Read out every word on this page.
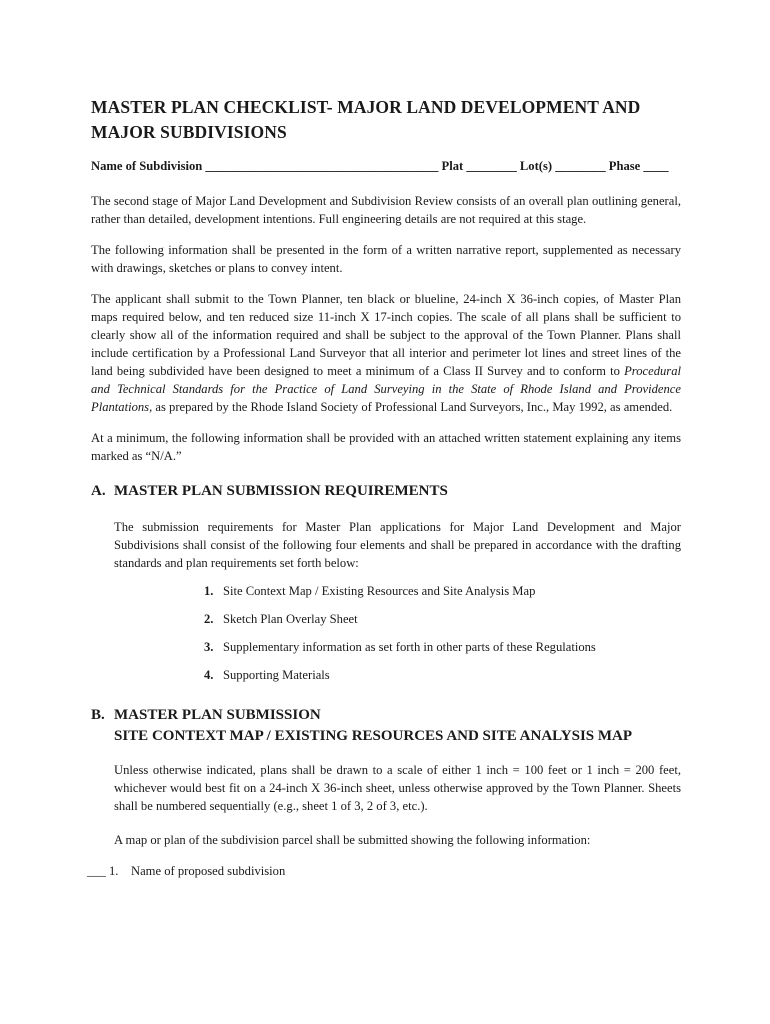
MASTER PLAN CHECKLIST- MAJOR LAND DEVELOPMENT AND MAJOR SUBDIVISIONS
Name of Subdivision _____________________________________ Plat ________ Lot(s) ________ Phase ____

The second stage of Major Land Development and Subdivision Review consists of an overall plan outlining general, rather than detailed, development intentions. Full engineering details are not required at this stage.

The following information shall be presented in the form of a written narrative report, supplemented as necessary with drawings, sketches or plans to convey intent.

The applicant shall submit to the Town Planner, ten black or blueline, 24-inch X 36-inch copies, of Master Plan maps required below, and ten reduced size 11-inch X 17-inch copies. The scale of all plans shall be sufficient to clearly show all of the information required and shall be subject to the approval of the Town Planner. Plans shall include certification by a Professional Land Surveyor that all interior and perimeter lot lines and street lines of the land being subdivided have been designed to meet a minimum of a Class II Survey and to conform to Procedural and Technical Standards for the Practice of Land Surveying in the State of Rhode Island and Providence Plantations, as prepared by the Rhode Island Society of Professional Land Surveyors, Inc., May 1992, as amended.

At a minimum, the following information shall be provided with an attached written statement explaining any items marked as “N/A.”

A. MASTER PLAN SUBMISSION REQUIREMENTS

The submission requirements for Master Plan applications for Major Land Development and Major Subdivisions shall consist of the following four elements and shall be prepared in accordance with the drafting standards and plan requirements set forth below:

1. Site Context Map / Existing Resources and Site Analysis Map
2. Sketch Plan Overlay Sheet
3. Supplementary information as set forth in other parts of these Regulations
4. Supporting Materials
B. MASTER PLAN SUBMISSION
SITE CONTEXT MAP / EXISTING RESOURCES AND SITE ANALYSIS MAP

Unless otherwise indicated, plans shall be drawn to a scale of either 1 inch = 100 feet or 1 inch = 200 feet, whichever would best fit on a 24-inch X 36-inch sheet, unless otherwise approved by the Town Planner. Sheets shall be numbered sequentially (e.g., sheet 1 of 3, 2 of 3, etc.).

A map or plan of the subdivision parcel shall be submitted showing the following information:

___ 1. Name of proposed subdivision
